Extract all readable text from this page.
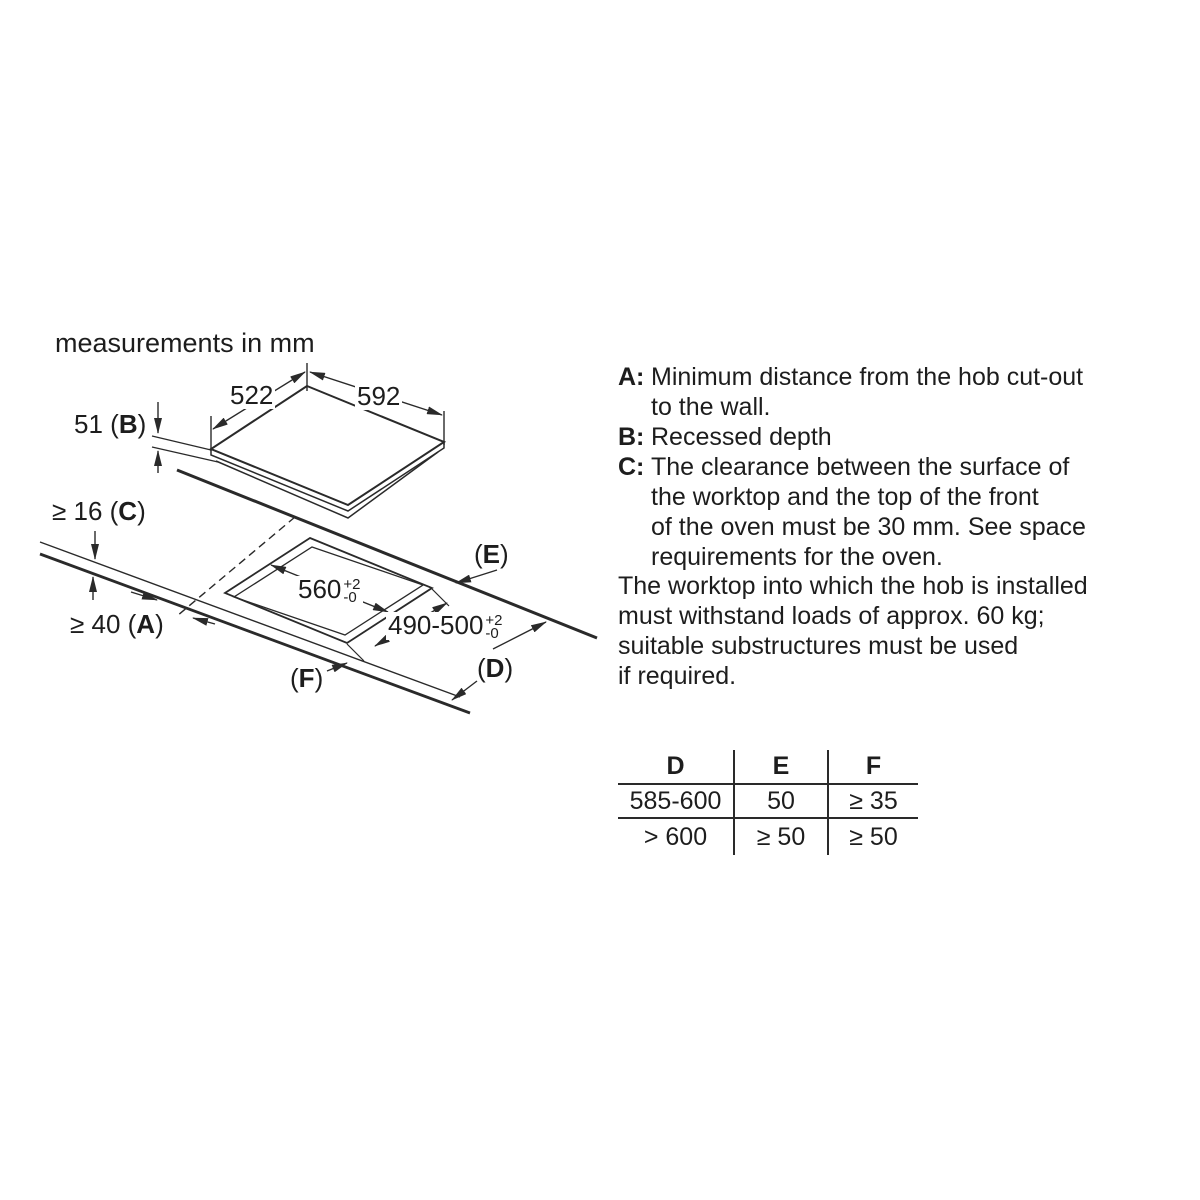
measurements in mm
522	592
51 (B)
≥ 16 (C)
≥ 40 (A)
(E)
(D)
(F)
560 +2
-0
490-500 +2
-0
A: Minimum distance from the hob cut-out
to the wall.
B: Recessed depth
C: The clearance between the surface of
the worktop and the top of the front
of the oven must be 30 mm. See space
requirements for the oven.
The worktop into which the hob is installed
must withstand loads of approx. 60 kg;
suitable substructures must be used
if required.
D	E	F
585-600	50	≥ 35
> 600	≥ 50	≥ 50
